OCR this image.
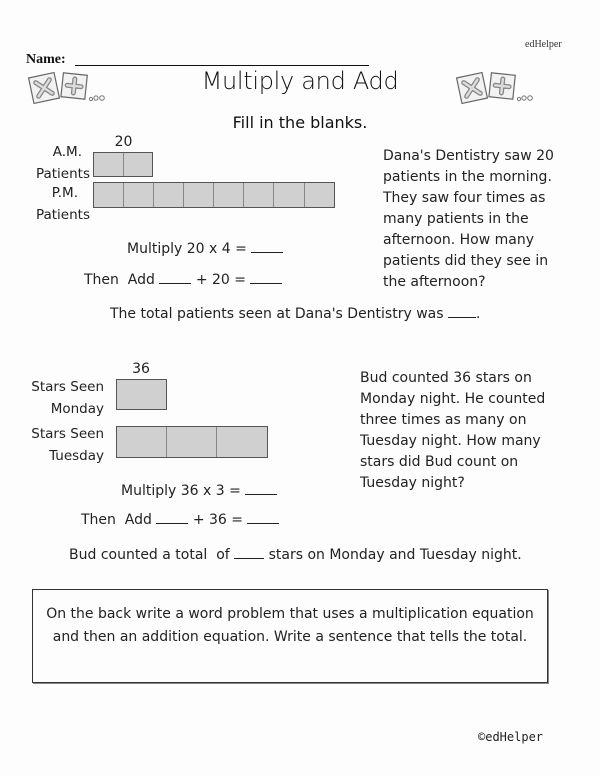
edHelper
Name:
Multiply and Add
Fill in the blanks.
20
A.M.
Patients
P.M.
Patients
Dana's Dentistry saw 20 patients in the morning. They saw four times as many patients in the afternoon. How many patients did they see in the afternoon?
Multiply 20 x 4 =
Then  Add  + 20 =
The total patients seen at Dana's Dentistry was .
36
Stars Seen
Monday
Stars Seen
Tuesday
Bud counted 36 stars on Monday night. He counted three times as many on Tuesday night. How many stars did Bud count on Tuesday night?
Multiply 36 x 3 =
Then  Add  + 36 =
Bud counted a total  of  stars on Monday and Tuesday night.
On the back write a word problem that uses a multiplication equation
and then an addition equation. Write a sentence that tells the total.
©edHelper
